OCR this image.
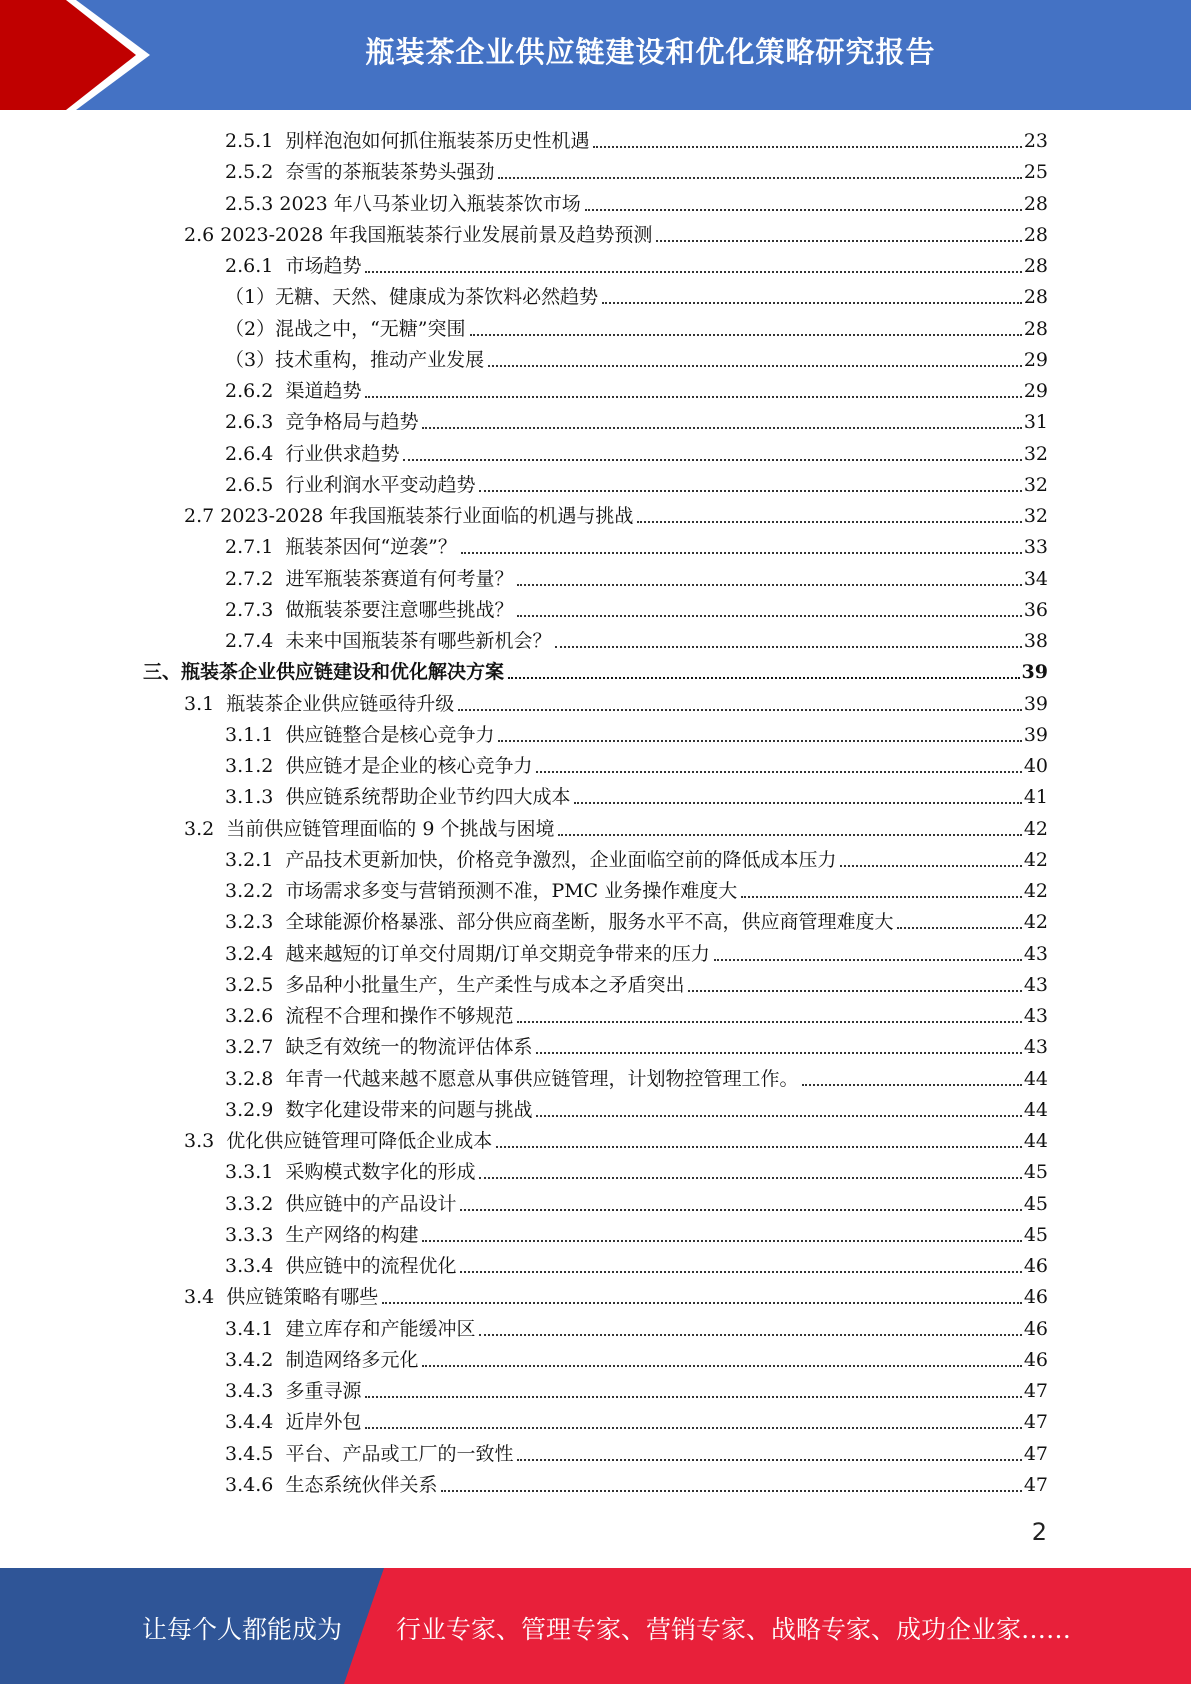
瓶装茶企业供应链建设和优化策略研究报告
2.5.1 别样泡泡如何抓住瓶装茶历史性机遇	23
2.5.2 奈雪的茶瓶装茶势头强劲	25
2.5.3 2023 年八马茶业切入瓶装茶饮市场	28
2.6 2023-2028 年我国瓶装茶行业发展前景及趋势预测	28
2.6.1 市场趋势	28
（1）无糖、天然、健康成为茶饮料必然趋势	28
（2）混战之中，“无糖”突围	28
（3）技术重构，推动产业发展	29
2.6.2 渠道趋势	29
2.6.3 竞争格局与趋势	31
2.6.4 行业供求趋势	32
2.6.5 行业利润水平变动趋势	32
2.7 2023-2028 年我国瓶装茶行业面临的机遇与挑战	32
2.7.1 瓶装茶因何“逆袭”？	33
2.7.2 进军瓶装茶赛道有何考量？	34
2.7.3 做瓶装茶要注意哪些挑战？	36
2.7.4 未来中国瓶装茶有哪些新机会？	38
三、瓶装茶企业供应链建设和优化解决方案	39
3.1 瓶装茶企业供应链亟待升级	39
3.1.1 供应链整合是核心竞争力	39
3.1.2 供应链才是企业的核心竞争力	40
3.1.3 供应链系统帮助企业节约四大成本	41
3.2 当前供应链管理面临的 9 个挑战与困境	42
3.2.1 产品技术更新加快，价格竞争激烈，企业面临空前的降低成本压力	42
3.2.2 市场需求多变与营销预测不准，PMC 业务操作难度大	42
3.2.3 全球能源价格暴涨、部分供应商垄断，服务水平不高，供应商管理难度大	42
3.2.4 越来越短的订单交付周期/订单交期竞争带来的压力	43
3.2.5 多品种小批量生产，生产柔性与成本之矛盾突出	43
3.2.6 流程不合理和操作不够规范	43
3.2.7 缺乏有效统一的物流评估体系	43
3.2.8 年青一代越来越不愿意从事供应链管理，计划物控管理工作。	44
3.2.9 数字化建设带来的问题与挑战	44
3.3 优化供应链管理可降低企业成本	44
3.3.1 采购模式数字化的形成	45
3.3.2 供应链中的产品设计	45
3.3.3 生产网络的构建	45
3.3.4 供应链中的流程优化	46
3.4 供应链策略有哪些	46
3.4.1 建立库存和产能缓冲区	46
3.4.2 制造网络多元化	46
3.4.3 多重寻源	47
3.4.4 近岸外包	47
3.4.5 平台、产品或工厂的一致性	47
3.4.6 生态系统伙伴关系	47
2
让每个人都能成为 行业专家、管理专家、营销专家、战略专家、成功企业家……
